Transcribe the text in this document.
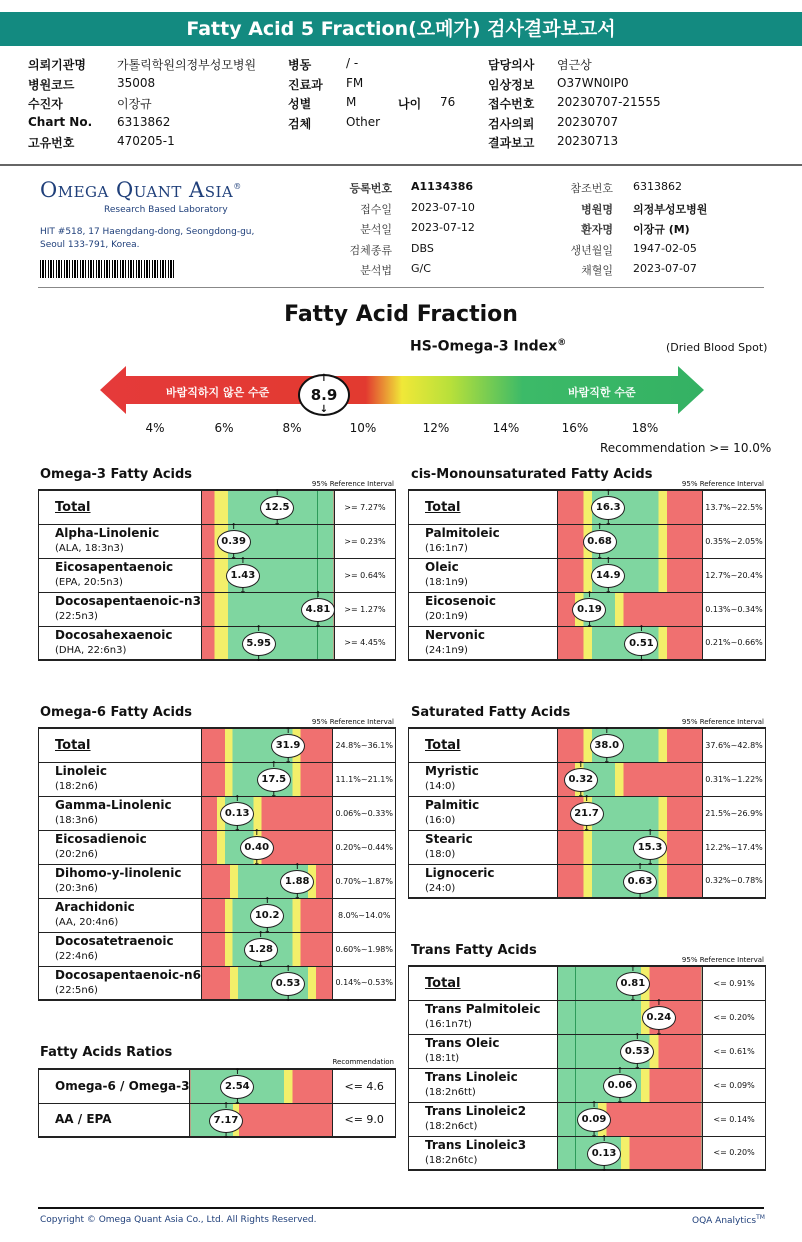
Fatty Acid 5 Fraction(오메가) 검사결과보고서
의뢰기관명	가톨릭학원의정부성모병원
병원코드	35008
수진자	이장규
Chart No. 6313862
고유번호	470205-1
병동	/ -
진료과 FM
성별	M
검체	Other
담당의사 염근상
임상정보 O37WN0IP0
접수번호 20230707-21555
검사의뢰 20230707
결과보고 20230713
나이 76
Omega Quant Asia®
Research Based Laboratory
HIT #518, 17 Haengdang-dong, Seongdong-gu,
Seoul 133-791, Korea.
등록번호 A1134386
접수일 2023-07-10
분석일 2023-07-12
검체종류 DBS
분석법 G/C
참조번호 6313862
병원명 의정부성모병원
환자명 이장규 (M)
생년월일 1947-02-05
채혈일 2023-07-07
Fatty Acid Fraction
HS-Omega-3 Index®	(Dried Blood Spot)
바람직하지 않은 수준	바람직한 수준
↑
8.9
↓
4%	6%	8%	10%	12%	14%	16%	18%
Recommendation >= 10.0%
Omega-3 Fatty Acids
95% Reference Interval
Total	↑ 12.5 ↓	>= 7.27%

Alpha-Linolenic
(ALA, 18:3n3)	↑ 0.39 ↓	>= 0.23%

Eicosapentaenoic
(EPA, 20:5n3)	↑ 1.43 ↓	>= 0.64%

Docosapentaenoic-n3
(22:5n3)	↑ 4.81 ↓	>= 1.27%

Docosahexaenoic
(DHA, 22:6n3)	↑ 5.95 ↓	>= 4.45%
cis-Monounsaturated Fatty Acids
95% Reference Interval
Total	↑ 16.3 ↓	13.7%~22.5%

Palmitoleic
(16:1n7)	↑ 0.68 ↓	0.35%~2.05%

Oleic
(18:1n9)	↑ 14.9 ↓	12.7%~20.4%

Eicosenoic
(20:1n9)	↑ 0.19 ↓	0.13%~0.34%

Nervonic
(24:1n9)	↑ 0.51 ↓	0.21%~0.66%
Omega-6 Fatty Acids
95% Reference Interval
Total	↑ 31.9 ↓	24.8%~36.1%

Linoleic
(18:2n6)	↑ 17.5 ↓	11.1%~21.1%

Gamma-Linolenic
(18:3n6)	↑ 0.13 ↓	0.06%~0.33%

Eicosadienoic
(20:2n6)	↑ 0.40 ↓	0.20%~0.44%

Dihomo-y-linolenic
(20:3n6)	↑ 1.88 ↓	0.70%~1.87%

Arachidonic
(AA, 20:4n6)	↑ 10.2 ↓	8.0%~14.0%

Docosatetraenoic
(22:4n6)	↑ 1.28 ↓	0.60%~1.98%

Docosapentaenoic-n6
(22:5n6)	↑ 0.53 ↓	0.14%~0.53%
Saturated Fatty Acids
95% Reference Interval
Total	↑ 38.0 ↓	37.6%~42.8%

Myristic
(14:0)	↑ 0.32 ↓	0.31%~1.22%

Palmitic
(16:0)	↑ 21.7 ↓	21.5%~26.9%

Stearic
(18:0)	↑ 15.3 ↓	12.2%~17.4%

Lignoceric
(24:0)	↑ 0.63 ↓	0.32%~0.78%
Fatty Acids Ratios
Recommendation
Omega-6 / Omega-3	↑ 2.54 ↓	<= 4.6

AA / EPA	↑ 7.17 ↓	<= 9.0
Trans Fatty Acids
95% Reference Interval
Total	↑ 0.81 ↓	<= 0.91%

Trans Palmitoleic
(16:1n7t)	↑ 0.24 ↓	<= 0.20%

Trans Oleic
(18:1t)	↑ 0.53 ↓	<= 0.61%

Trans Linoleic
(18:2n6tt)	↑ 0.06 ↓	<= 0.09%

Trans Linoleic2
(18:2n6ct)	↑ 0.09 ↓	<= 0.14%

Trans Linoleic3
(18:2n6tc)	↑ 0.13 ↓	<= 0.20%
Copyright © Omega Quant Asia Co., Ltd. All Rights Reserved.	OQA Analytics™
